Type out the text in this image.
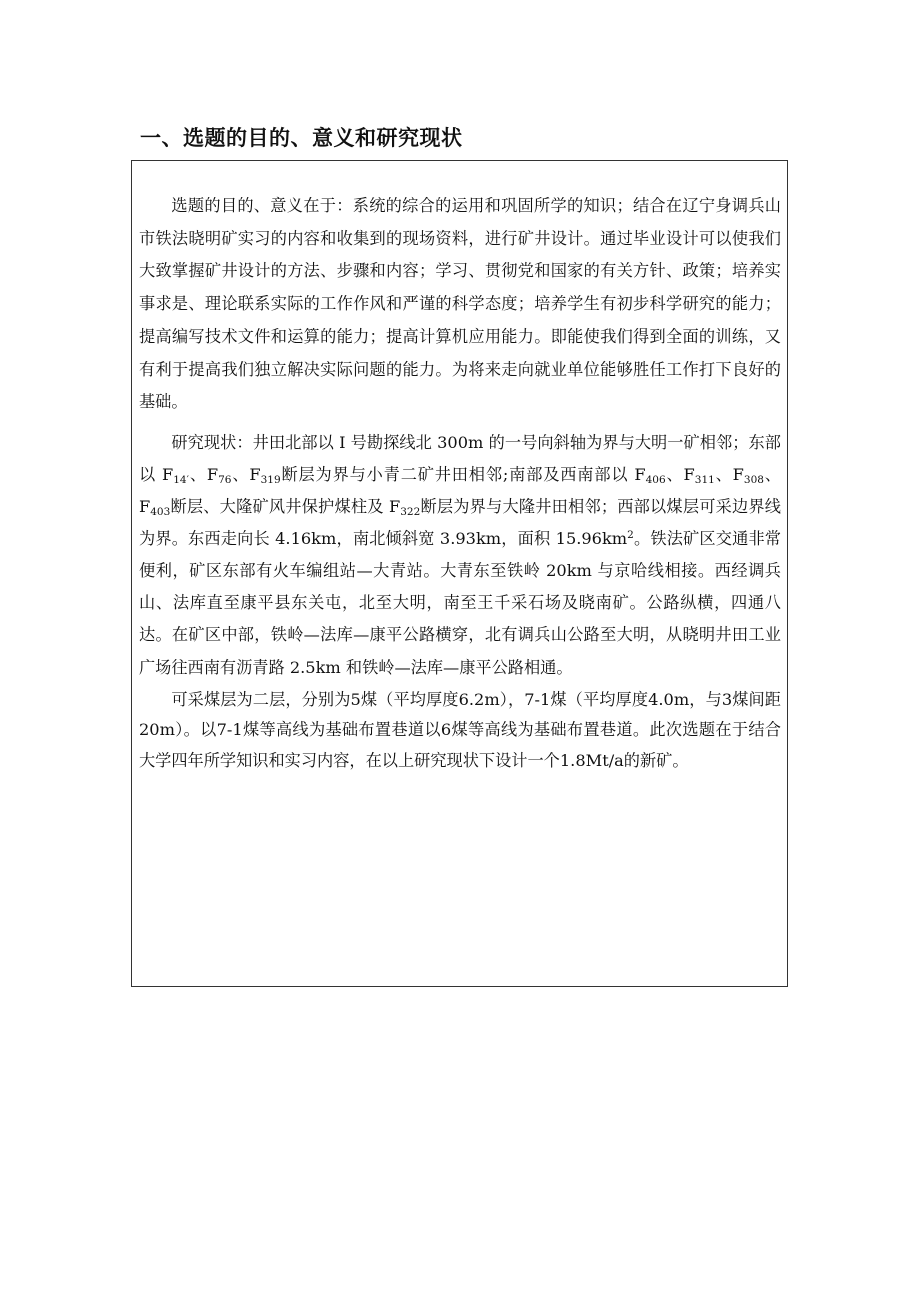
一、选题的目的、意义和研究现状

选题的目的、意义在于：系统的综合的运用和巩固所学的知识；结合在辽宁身调兵山市铁法晓明矿实习的内容和收集到的现场资料，进行矿井设计。通过毕业设计可以使我们大致掌握矿井设计的方法、步骤和内容；学习、贯彻党和国家的有关方针、政策；培养实事求是、理论联系实际的工作作风和严谨的科学态度；培养学生有初步科学研究的能力；提高编写技术文件和运算的能力；提高计算机应用能力。即能使我们得到全面的训练，又有利于提高我们独立解决实际问题的能力。为将来走向就业单位能够胜任工作打下良好的基础。

研究现状：井田北部以 I 号勘探线北 300m 的一号向斜轴为界与大明一矿相邻；东部以 $F_{14'}$、$F_{76}$、$F_{319}$断层为界与小青二矿井田相邻;南部及西南部以 $F_{406}$、$F_{311}$、$F_{308}$、$F_{403}$断层、大隆矿风井保护煤柱及 $F_{322}$断层为界与大隆井田相邻；西部以煤层可采边界线为界。东西走向长 4.16km，南北倾斜宽 3.93km，面积 $15.96km^2$。铁法矿区交通非常便利，矿区东部有火车编组站—大青站。大青东至铁岭 20km 与京哈线相接。西经调兵山、法库直至康平县东关屯，北至大明，南至王千采石场及晓南矿。公路纵横，四通八达。在矿区中部，铁岭—法库—康平公路横穿，北有调兵山公路至大明，从晓明井田工业广场往西南有沥青路 2.5km 和铁岭—法库—康平公路相通。

可采煤层为二层，分别为5煤（平均厚度6.2m），7-1煤（平均厚度4.0m，与3煤间距20m）。以7-1煤等高线为基础布置巷道以6煤等高线为基础布置巷道。此次选题在于结合大学四年所学知识和实习内容，在以上研究现状下设计一个1.8Mt/a的新矿。
